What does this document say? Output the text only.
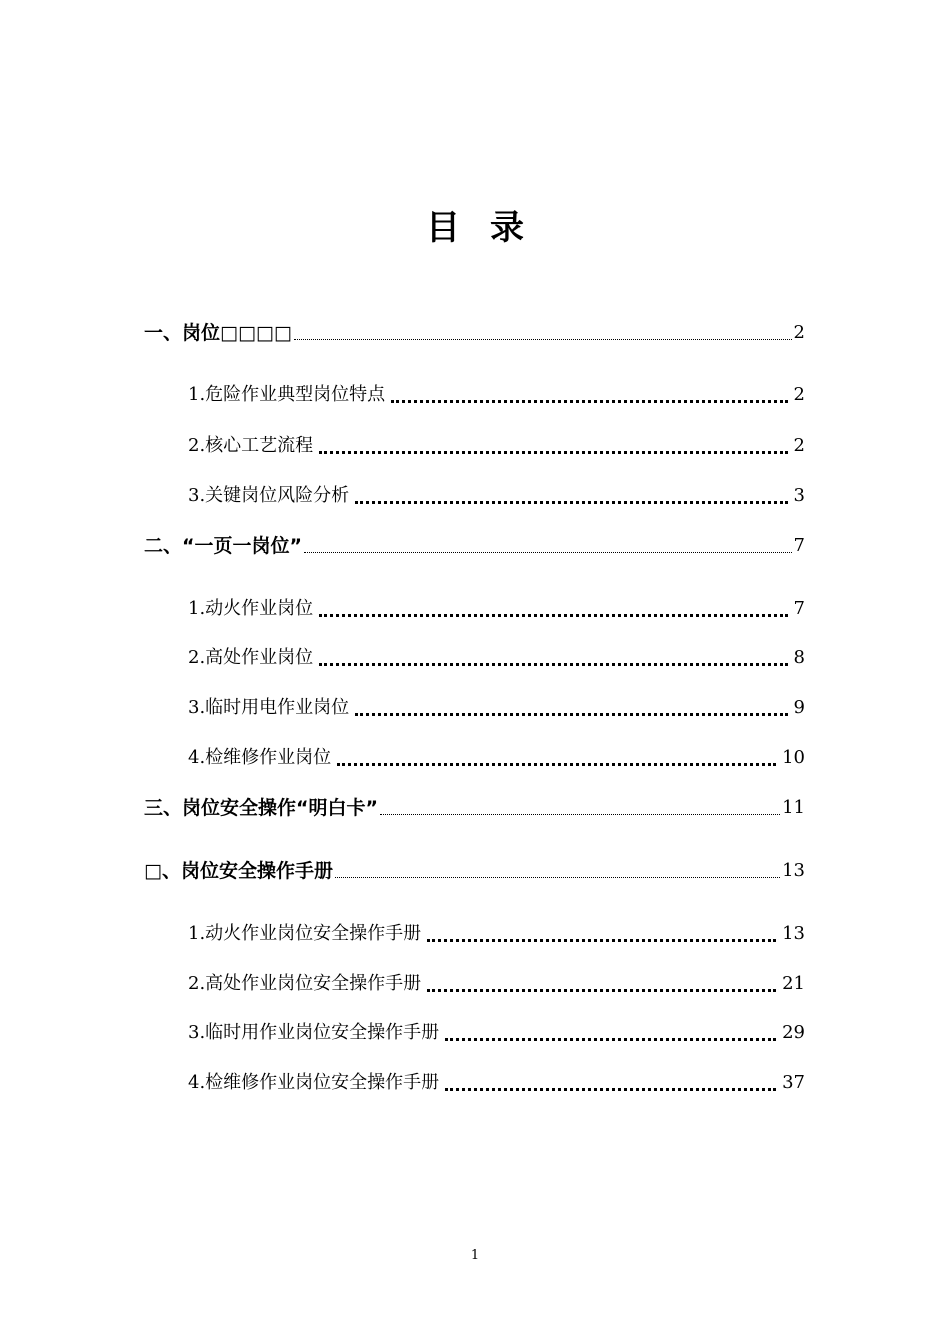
目录
一、岗位□□□□	2
1.危险作业典型岗位特点	2
2.核心工艺流程	2
3.关键岗位风险分析	3
二、“一页一岗位”	7
1.动火作业岗位	7
2.高处作业岗位	8
3.临时用电作业岗位	9
4.检维修作业岗位	10
三、岗位安全操作“明白卡”	11
□、岗位安全操作手册	13
1.动火作业岗位安全操作手册	13
2.高处作业岗位安全操作手册	21
3.临时用作业岗位安全操作手册	29
4.检维修作业岗位安全操作手册	37
1
